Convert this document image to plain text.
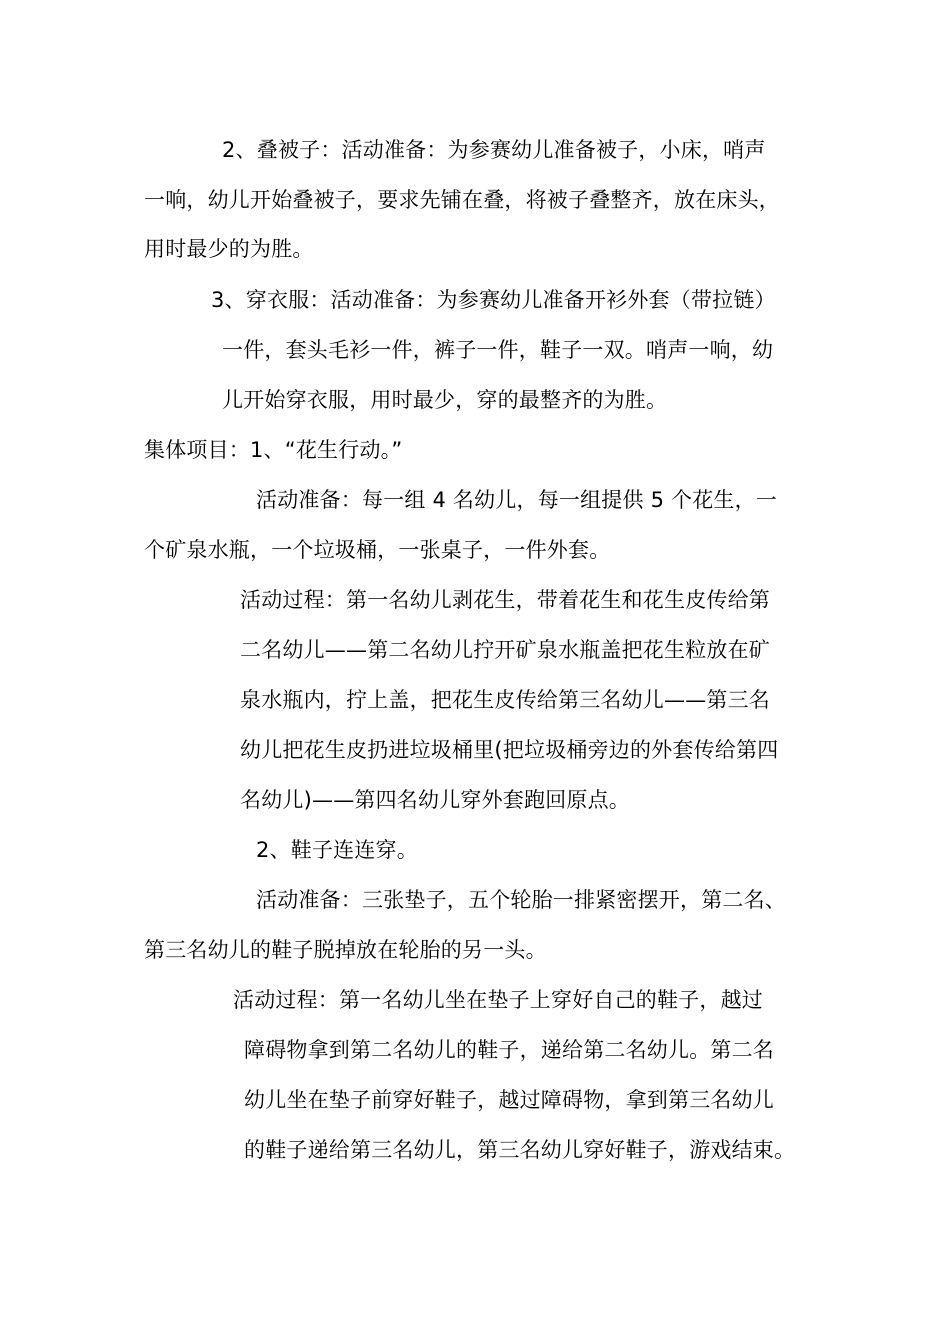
2、叠被子：活动准备：为参赛幼儿准备被子，小床，哨声
一响，幼儿开始叠被子，要求先铺在叠，将被子叠整齐，放在床头，
用时最少的为胜。
3、穿衣服：活动准备：为参赛幼儿准备开衫外套（带拉链）
一件，套头毛衫一件，裤子一件，鞋子一双。哨声一响，幼
儿开始穿衣服，用时最少，穿的最整齐的为胜。
集体项目：1、“花生行动。”
活动准备：每一组 4 名幼儿，每一组提供 5 个花生，一
个矿泉水瓶，一个垃圾桶，一张桌子，一件外套。
活动过程：第一名幼儿剥花生，带着花生和花生皮传给第
二名幼儿——第二名幼儿拧开矿泉水瓶盖把花生粒放在矿
泉水瓶内，拧上盖，把花生皮传给第三名幼儿——第三名
幼儿把花生皮扔进垃圾桶里(把垃圾桶旁边的外套传给第四
名幼儿)——第四名幼儿穿外套跑回原点。
2、鞋子连连穿。
活动准备：三张垫子，五个轮胎一排紧密摆开，第二名、
第三名幼儿的鞋子脱掉放在轮胎的另一头。
活动过程：第一名幼儿坐在垫子上穿好自己的鞋子，越过
障碍物拿到第二名幼儿的鞋子，递给第二名幼儿。第二名
幼儿坐在垫子前穿好鞋子，越过障碍物，拿到第三名幼儿
的鞋子递给第三名幼儿，第三名幼儿穿好鞋子，游戏结束。
